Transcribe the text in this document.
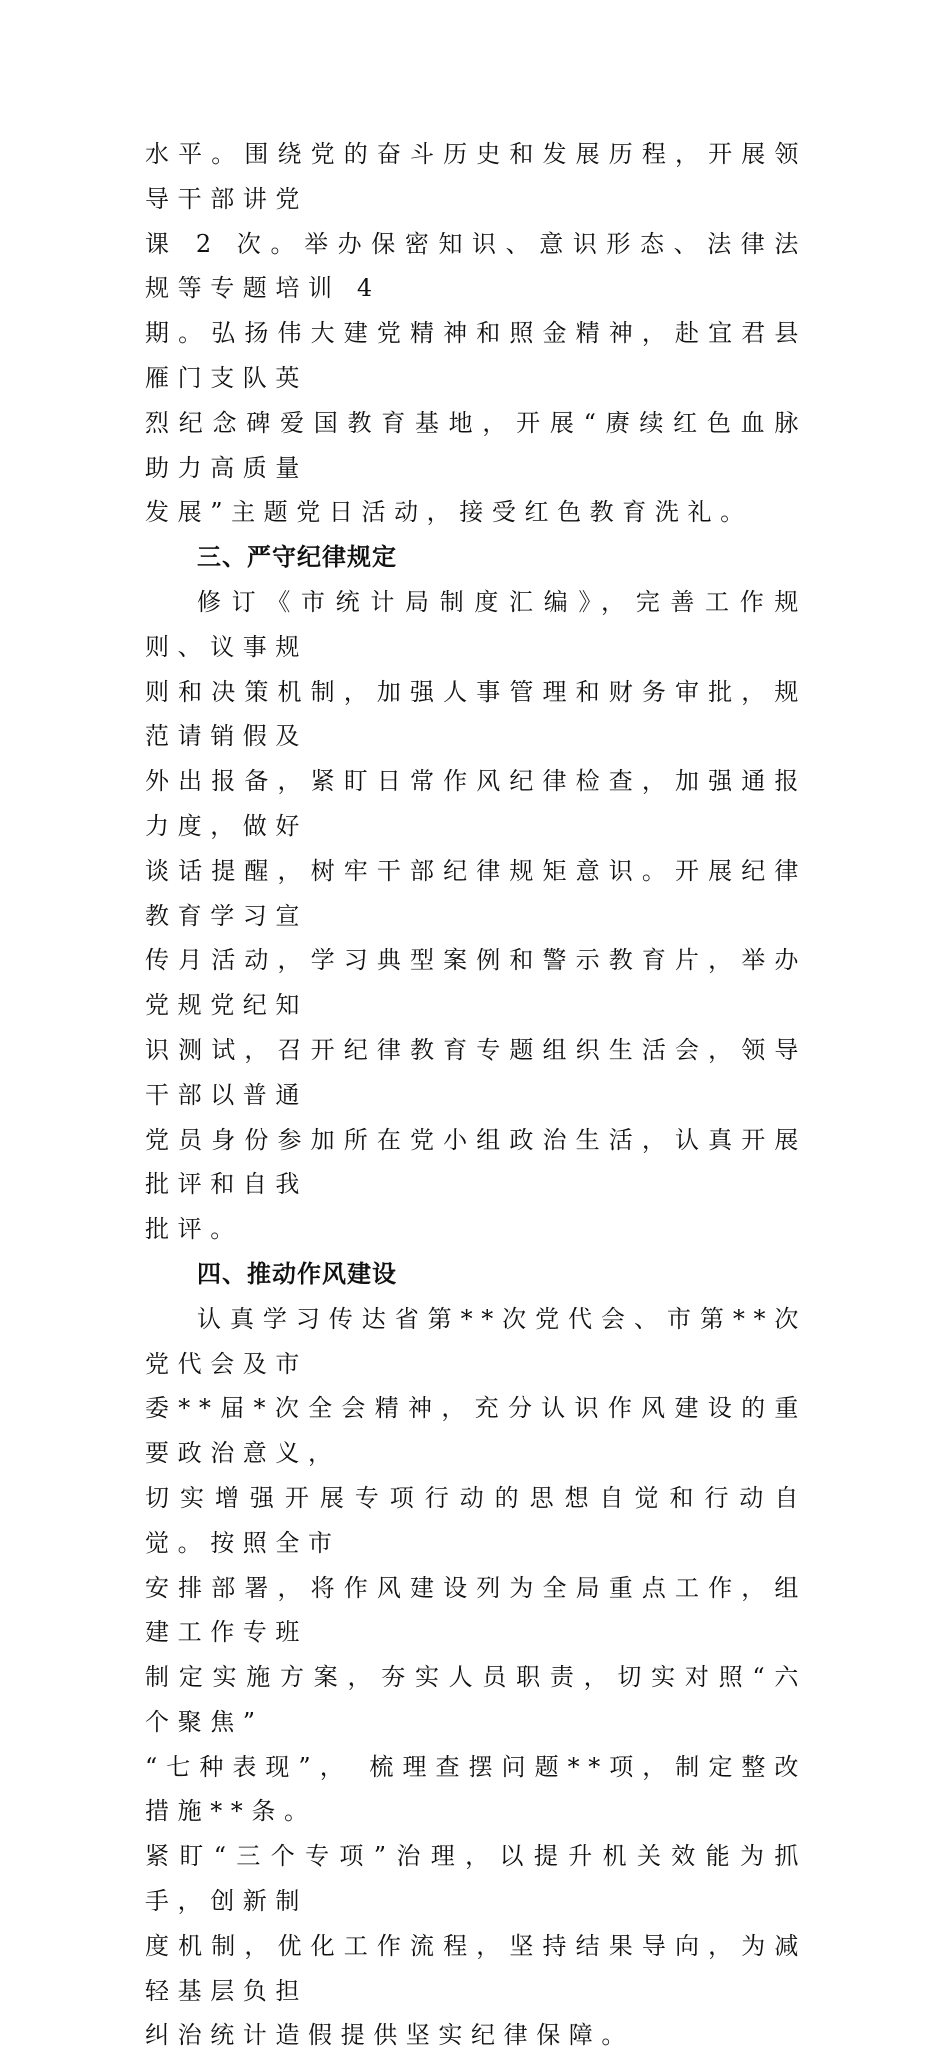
水平。围绕党的奋斗历史和发展历程，开展领导干部讲党
课 2 次。举办保密知识、意识形态、法律法规等专题培训 4
期。弘扬伟大建党精神和照金精神，赴宜君县雁门支队英
烈纪念碑爱国教育基地，开展“赓续红色血脉助力高质量
发展”主题党日活动，接受红色教育洗礼。
三、严守纪律规定
修订《市统计局制度汇编》，完善工作规则、议事规
则和决策机制，加强人事管理和财务审批，规范请销假及
外出报备，紧盯日常作风纪律检查，加强通报力度，做好
谈话提醒，树牢干部纪律规矩意识。开展纪律教育学习宣
传月活动，学习典型案例和警示教育片，举办党规党纪知
识测试，召开纪律教育专题组织生活会，领导干部以普通
党员身份参加所在党小组政治生活，认真开展批评和自我
批评。
四、推动作风建设
认真学习传达省第**次党代会、市第**次党代会及市
委**届*次全会精神，充分认识作风建设的重要政治意义，
切实增强开展专项行动的思想自觉和行动自觉。按照全市
安排部署，将作风建设列为全局重点工作，组建工作专班
制定实施方案，夯实人员职责，切实对照“六个聚焦”
“七种表现”， 梳理查摆问题**项，制定整改措施**条。
紧盯“三个专项”治理，以提升机关效能为抓手，创新制
度机制，优化工作流程，坚持结果导向，为减轻基层负担
纠治统计造假提供坚实纪律保障。
